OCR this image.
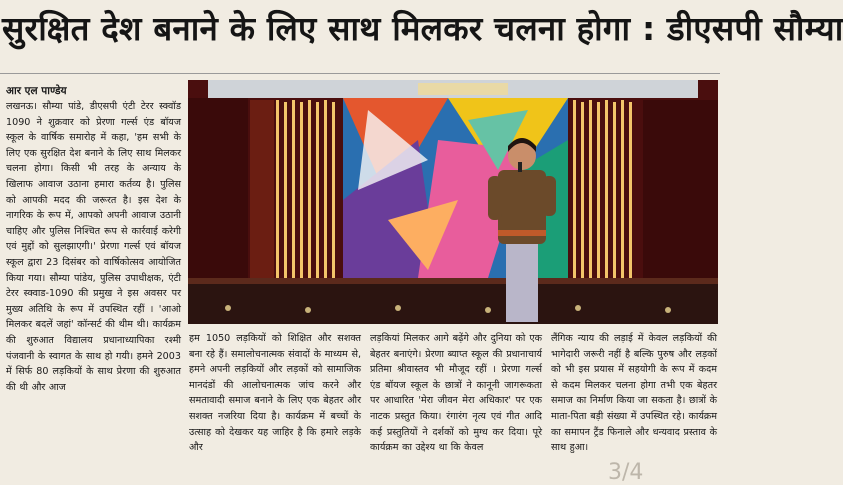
सुरक्षित देश बनाने के लिए साथ मिलकर चलना होगा : डीएसपी सौम्या
आर एल पाण्डेय

लखनऊ। सौम्या पांडे, डीएसपी एंटी टेरर स्क्वॉड 1090 ने शुक्रवार को प्रेरणा गर्ल्स एंड बॉयज स्कूल के वार्षिक समारोह में कहा, 'हम सभी के लिए एक सुरक्षित देश बनाने के लिए साथ मिलकर चलना होगा। किसी भी तरह के अन्याय के खिलाफ आवाज उठाना हमारा कर्तव्य है। पुलिस को आपकी मदद की जरूरत है। इस देश के नागरिक के रूप में, आपको अपनी आवाज उठानी चाहिए और पुलिस निश्चित रूप से कार्रवाई करेगी एवं मुद्दों को सुलझाएगी।' प्रेरणा गर्ल्स एवं बॉयज स्कूल द्वारा 23 दिसंबर को वार्षिकोत्सव आयोजित किया गया। सौम्या पांडेय, पुलिस उपाधीक्षक, एंटी टेरर स्क्वाड-1090 की प्रमुख ने इस अवसर पर मुख्य अतिथि के रूप में उपस्थित रहीं । 'आओ मिलकर बदलें जहां' कॉन्सर्ट की थीम थी। कार्यक्रम की शुरुआत विद्यालय प्रधानाध्यापिका रश्मी पंजवानी के स्वागत के साथ हो गयी। हमने 2003 में सिर्फ 80 लड़कियों के साथ प्रेरणा की शुरुआत की थी और आज

हम 1050 लड़कियों को शिक्षित और सशक्त बना रहे हैं। समालोचनात्मक संवादों के माध्यम से, हमने अपनी लड़कियों और लड़कों को सामाजिक मानदंडों की आलोचनात्मक जांच करने और समतावादी समाज बनाने के लिए एक बेहतर और सशक्त नजरिया दिया है। कार्यक्रम में बच्चों के उत्साह को देखकर यह जाहिर है कि हमारे लड़के और

लड़कियां मिलकर आगे बढ़ेंगे और दुनिया को एक बेहतर बनाएंगे। प्रेरणा ब्याप्त स्कूल की प्रधानाचार्य प्रतिमा श्रीवास्तव भी मौजूद रहीं । प्रेरणा गर्ल्स एंड बॉयज स्कूल के छात्रों ने कानूनी जागरूकता पर आधारित 'मेरा जीवन मेरा अधिकार' पर एक नाटक प्रस्तुत किया। रंगारंग नृत्य एवं गीत आदि कई प्रस्तुतियों ने दर्शकों को मुग्ध कर दिया। पूरे कार्यक्रम का उद्देश्य था कि केवल

लैंगिक न्याय की लड़ाई में केवल लड़कियों की भागेदारी जरूरी नहीं है बल्कि पुरुष और लड़कों को भी इस प्रयास में सहयोगी के रूप में कदम से कदम मिलकर चलना होगा तभी एक बेहतर समाज का निर्माण किया जा सकता है। छात्रों के माता-पिता बड़ी संख्या में उपस्थित रहे। कार्यक्रम का समापन ट्रैंड फिनाले और धन्यवाद प्रस्ताव के साथ हुआ।

3/4
